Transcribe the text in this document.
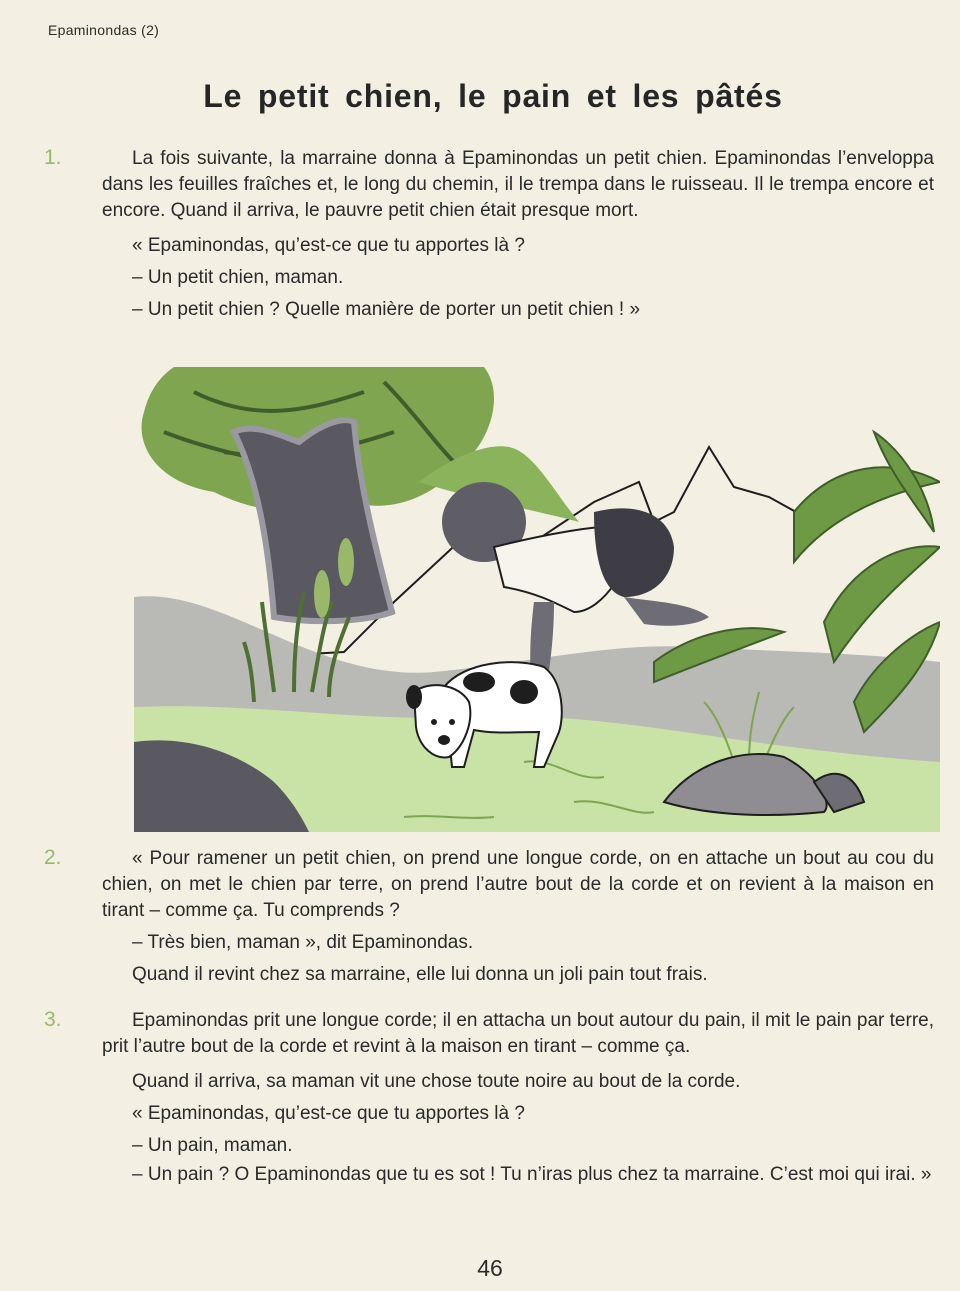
Epaminondas (2)
Le petit chien, le pain et les pâtés
1.	La fois suivante, la marraine donna à Epaminondas un petit chien. Epaminondas l’enveloppa dans les feuilles fraîches et, le long du chemin, il le trempa dans le ruisseau. Il le trempa encore et encore. Quand il arriva, le pauvre petit chien était presque mort.

« Epaminondas, qu’est-ce que tu apportes là ?

– Un petit chien, maman.

– Un petit chien ? Quelle manière de porter un petit chien ! »

2.	« Pour ramener un petit chien, on prend une longue corde, on en attache un bout au cou du chien, on met le chien par terre, on prend l’autre bout de la corde et on revient à la maison en tirant – comme ça. Tu comprends ?

– Très bien, maman », dit Epaminondas.

Quand il revint chez sa marraine, elle lui donna un joli pain tout frais.

3.	Epaminondas prit une longue corde; il en attacha un bout autour du pain, il mit le pain par terre, prit l’autre bout de la corde et revint à la maison en tirant – comme ça.

Quand il arriva, sa maman vit une chose toute noire au bout de la corde.

« Epaminondas, qu’est-ce que tu apportes là ?

– Un pain, maman.

– Un pain ? O Epaminondas que tu es sot ! Tu n’iras plus chez ta marraine. C’est moi qui irai. »

46
